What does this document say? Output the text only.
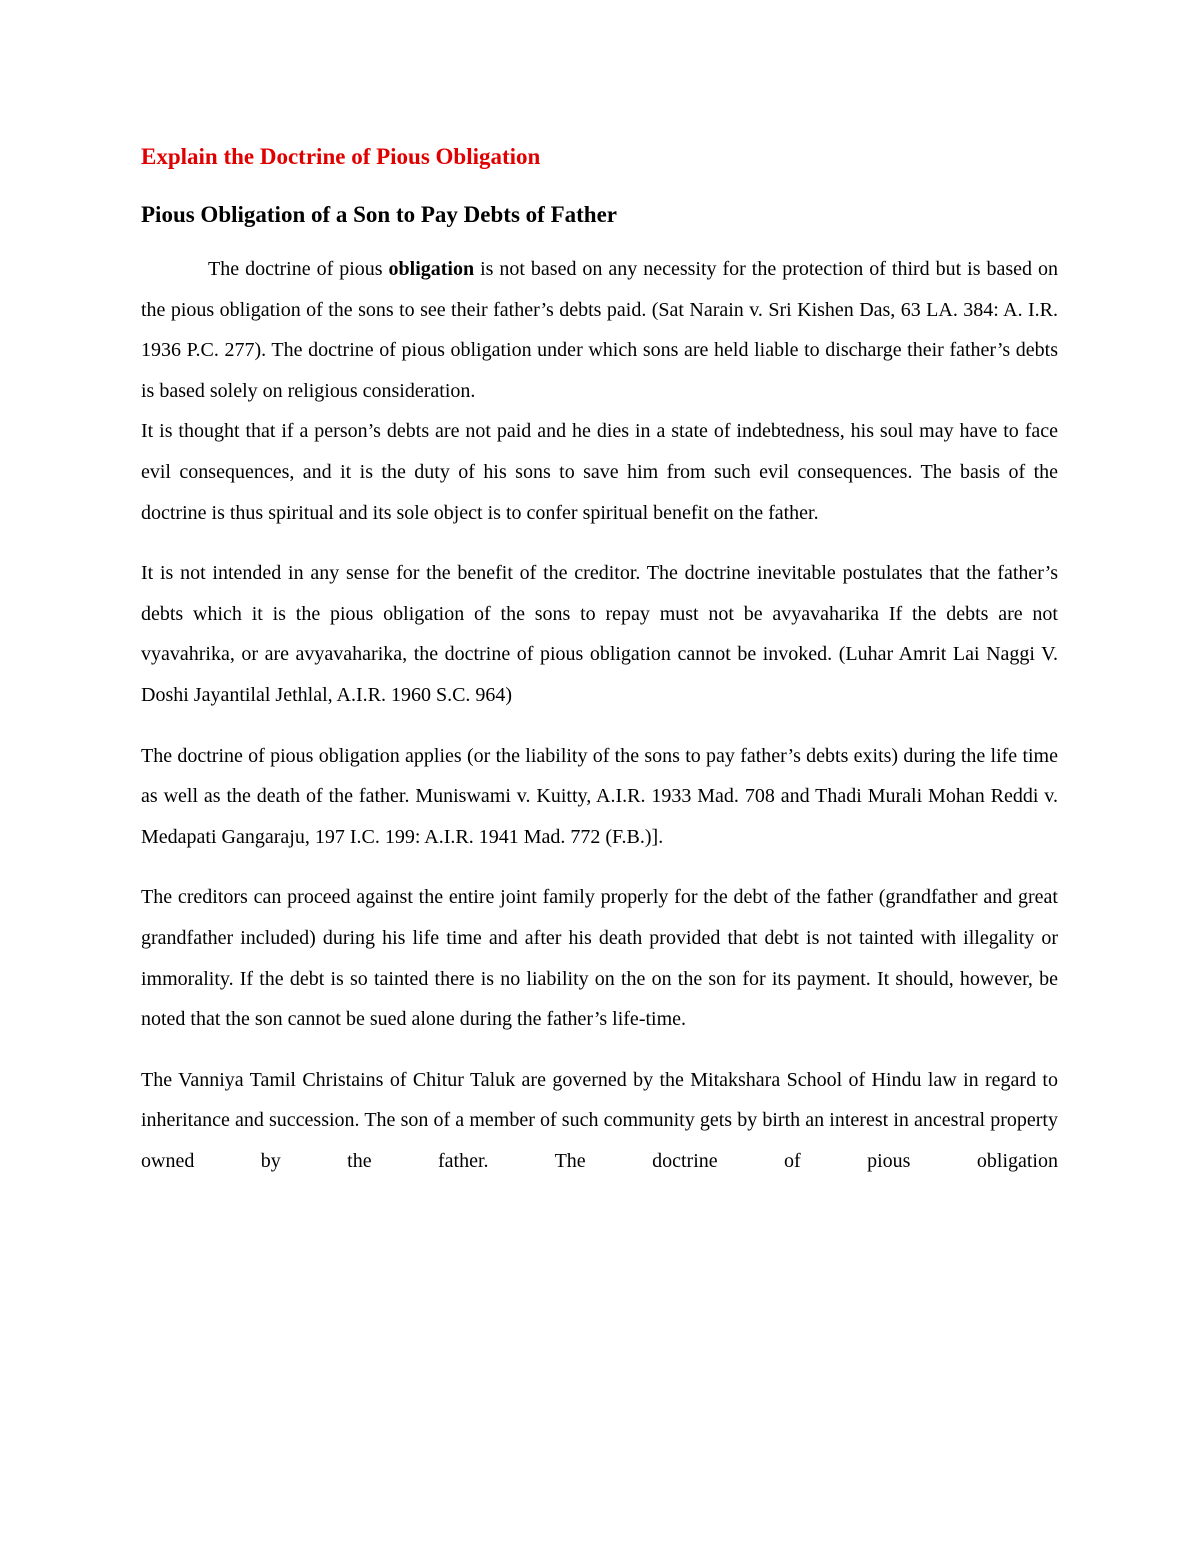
Explain the Doctrine of Pious Obligation
Pious Obligation of a Son to Pay Debts of Father

The doctrine of pious obligation is not based on any necessity for the protection of third but is based on the pious obligation of the sons to see their father’s debts paid. (Sat Narain v. Sri Kishen Das, 63 LA. 384: A. I.R. 1936 P.C. 277). The doctrine of pious obligation under which sons are held liable to discharge their father’s debts is based solely on religious consideration.

It is thought that if a person’s debts are not paid and he dies in a state of indebtedness, his soul may have to face evil consequences, and it is the duty of his sons to save him from such evil consequences. The basis of the doctrine is thus spiritual and its sole object is to confer spiritual benefit on the father.

It is not intended in any sense for the benefit of the creditor. The doctrine inevitable postulates that the father’s debts which it is the pious obligation of the sons to repay must not be avyavaharika If the debts are not vyavahrika, or are avyavaharika, the doctrine of pious obligation cannot be invoked. (Luhar Amrit Lai Naggi V. Doshi Jayantilal Jethlal, A.I.R. 1960 S.C. 964)

The doctrine of pious obligation applies (or the liability of the sons to pay father’s debts exits) during the life time as well as the death of the father. Muniswami v. Kuitty, A.I.R. 1933 Mad. 708 and Thadi Murali Mohan Reddi v. Medapati Gangaraju, 197 I.C. 199: A.I.R. 1941 Mad. 772 (F.B.)].

The creditors can proceed against the entire joint family properly for the debt of the father (grandfather and great grandfather included) during his life time and after his death provided that debt is not tainted with illegality or immorality. If the debt is so tainted there is no liability on the on the son for its payment. It should, however, be noted that the son cannot be sued alone during the father’s life-time.

The Vanniya Tamil Christains of Chitur Taluk are governed by the Mitakshara School of Hindu law in regard to inheritance and succession. The son of a member of such community gets by birth an interest in ancestral property owned by the father. The doctrine of pious obligation
